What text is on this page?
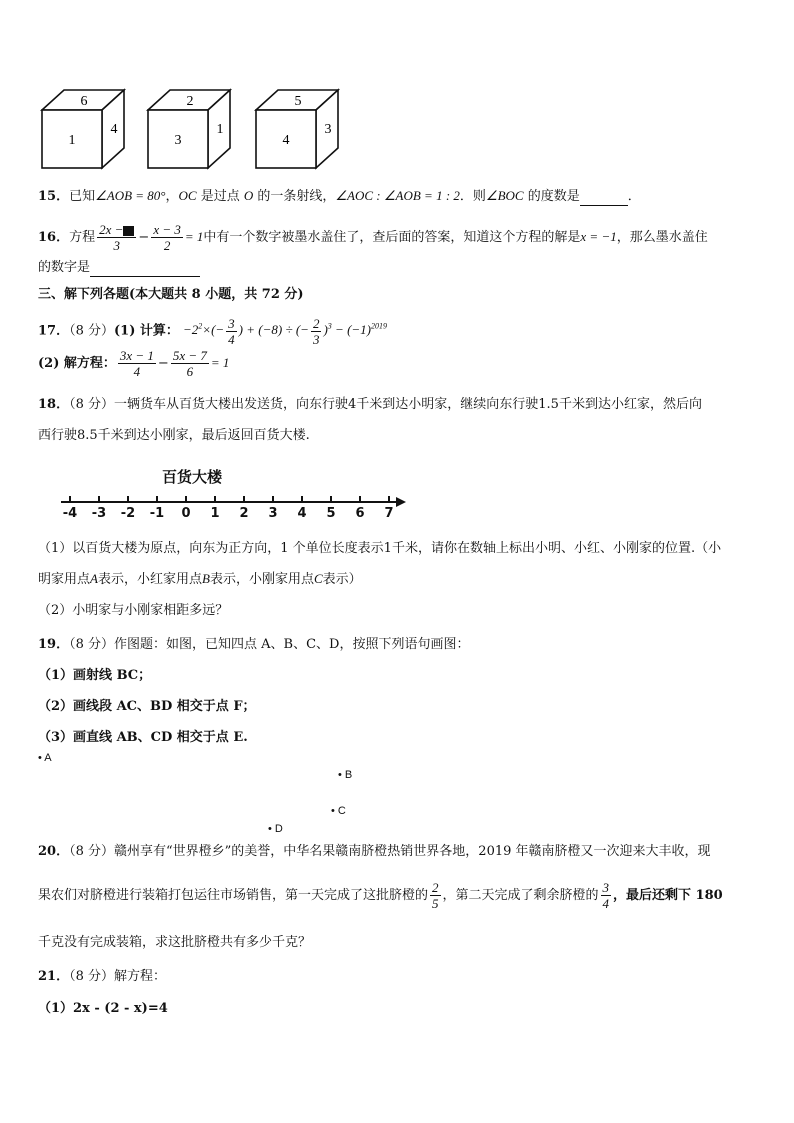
6
1
4
2
3
1
5
4
3
15．已知∠AOB = 80°，OC 是过点 O 的一条射线，∠AOC : ∠AOB = 1 : 2．则∠BOC 的度数是	．
16．方程 $\frac{2x -}{3} - \frac{x - 3}{2} = 1$中有一个数字被墨水盖住了，查后面的答案，知道这个方程的解是x = −1，那么墨水盖住
的数字是
三、解下列各题(本大题共 8 小题，共 72 分)
17．（8 分）(1) 计算： $-2^2\times(- \frac{3}{4}$ ) + (−8) ÷ (− $\frac{2}{3} )^3 - (-1)^{2019}$
(2) 解方程： $\frac{3x - 1}{4} - \frac{5x - 7}{6} = 1$
18．（8 分）一辆货车从百货大楼出发送货，向东行驶4千米到达小明家，继续向东行驶1.5千米到达小红家，然后向
西行驶8.5千米到达小刚家，最后返回百货大楼.
百货大楼
-4	-3	-2	-1	0	1	2	3	4	5	6	7
（1）以百货大楼为原点，向东为正方向，1 个单位长度表示1千米，请你在数轴上标出小明、小红、小刚家的位置.（小
明家用点A表示，小红家用点B表示，小刚家用点C表示）
（2）小明家与小刚家相距多远？
19．（8 分）作图题：如图，已知四点 A、B、C、D，按照下列语句画图：
（1）画射线 BC；
（2）画线段 AC、BD 相交于点 F；
（3）画直线 AB、CD 相交于点 E.
• A
• B
• C
• D
20．（8 分）赣州享有“世界橙乡”的美誉，中华名果赣南脐橙热销世界各地，2019 年赣南脐橙又一次迎来大丰收，现
果农们对脐橙进行装箱打包运往市场销售，第一天完成了这批脐橙的 $\frac{2}{5}$ ，第二天完成了剩余脐橙的 $\frac{3}{4}$ ，最后还剩下 180
千克没有完成装箱，求这批脐橙共有多少千克？
21．（8 分）解方程：
（1）2x - (2 - x)=4
